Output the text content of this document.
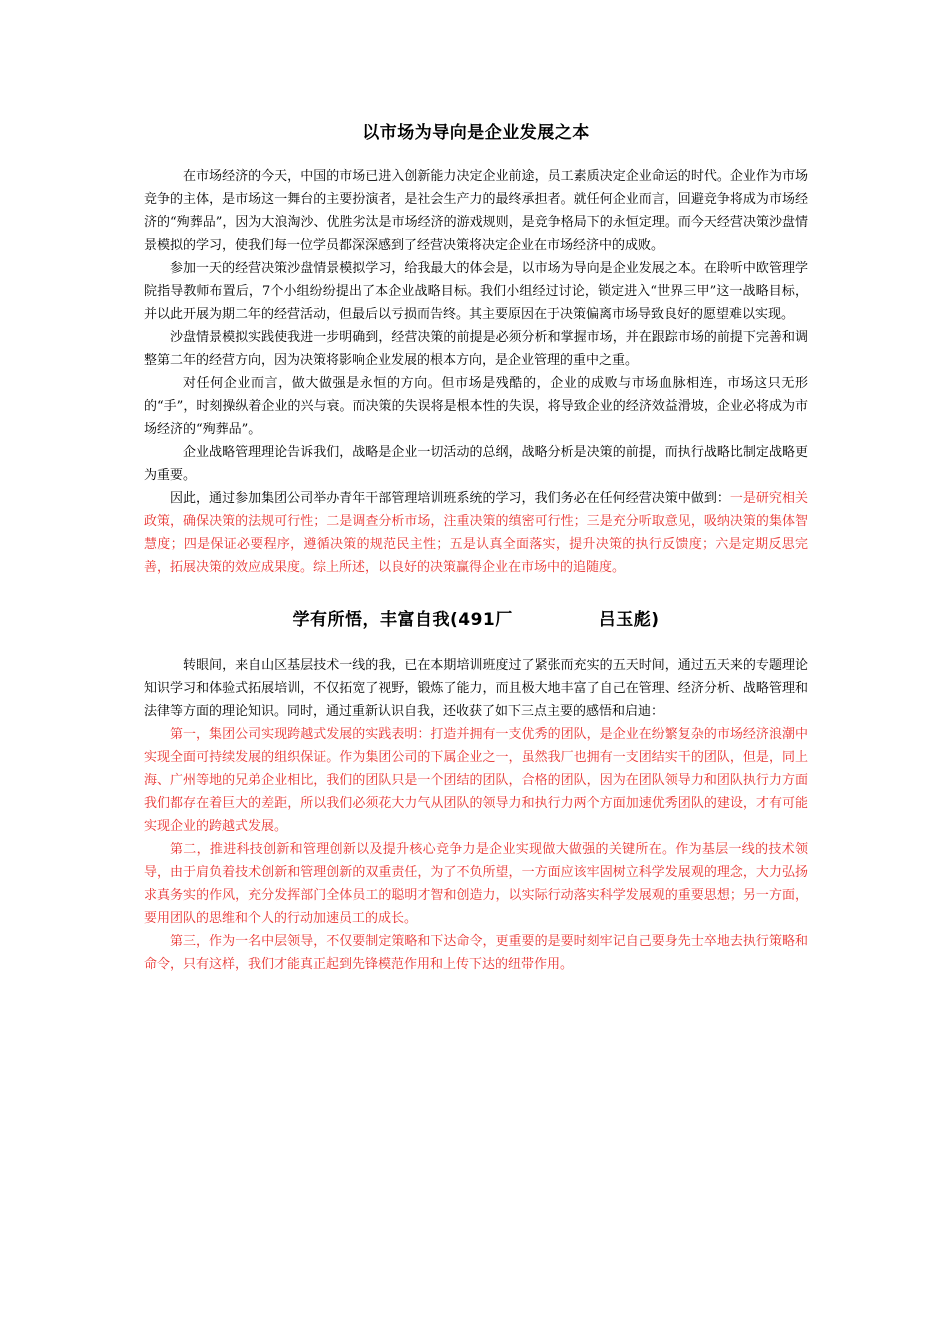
以市场为导向是企业发展之本

在市场经济的今天，中国的市场已进入创新能力决定企业前途，员工素质决定企业命运的时代。企业作为市场竞争的主体，是市场这一舞台的主要扮演者，是社会生产力的最终承担者。就任何企业而言，回避竞争将成为市场经济的“殉葬品”，因为大浪淘沙、优胜劣汰是市场经济的游戏规则，是竞争格局下的永恒定理。而今天经营决策沙盘情景模拟的学习，使我们每一位学员都深深感到了经营决策将决定企业在市场经济中的成败。

参加一天的经营决策沙盘情景模拟学习，给我最大的体会是，以市场为导向是企业发展之本。在聆听中欧管理学院指导教师布置后，7个小组纷纷提出了本企业战略目标。我们小组经过讨论，锁定进入“世界三甲”这一战略目标，并以此开展为期二年的经营活动，但最后以亏损而告终。其主要原因在于决策偏离市场导致良好的愿望难以实现。

沙盘情景模拟实践使我进一步明确到，经营决策的前提是必须分析和掌握市场，并在跟踪市场的前提下完善和调整第二年的经营方向，因为决策将影响企业发展的根本方向，是企业管理的重中之重。

对任何企业而言，做大做强是永恒的方向。但市场是残酷的，企业的成败与市场血脉相连，市场这只无形的“手”，时刻操纵着企业的兴与衰。而决策的失误将是根本性的失误，将导致企业的经济效益滑坡，企业必将成为市场经济的“殉葬品”。

企业战略管理理论告诉我们，战略是企业一切活动的总纲，战略分析是决策的前提，而执行战略比制定战略更为重要。

因此，通过参加集团公司举办青年干部管理培训班系统的学习，我们务必在任何经营决策中做到：一是研究相关政策，确保决策的法规可行性；二是调查分析市场，注重决策的缜密可行性；三是充分听取意见，吸纳决策的集体智慧度；四是保证必要程序，遵循决策的规范民主性；五是认真全面落实，提升决策的执行反馈度；六是定期反思完善，拓展决策的效应成果度。综上所述，以良好的决策赢得企业在市场中的追随度。

学有所悟，丰富自我(491厂	吕玉彪)

转眼间，来自山区基层技术一线的我，已在本期培训班度过了紧张而充实的五天时间，通过五天来的专题理论知识学习和体验式拓展培训，不仅拓宽了视野，锻炼了能力，而且极大地丰富了自己在管理、经济分析、战略管理和法律等方面的理论知识。同时，通过重新认识自我，还收获了如下三点主要的感悟和启迪：

第一，集团公司实现跨越式发展的实践表明：打造并拥有一支优秀的团队，是企业在纷繁复杂的市场经济浪潮中实现全面可持续发展的组织保证。作为集团公司的下属企业之一，虽然我厂也拥有一支团结实干的团队，但是，同上海、广州等地的兄弟企业相比，我们的团队只是一个团结的团队，合格的团队，因为在团队领导力和团队执行力方面我们都存在着巨大的差距，所以我们必须花大力气从团队的领导力和执行力两个方面加速优秀团队的建设，才有可能实现企业的跨越式发展。

第二，推进科技创新和管理创新以及提升核心竞争力是企业实现做大做强的关键所在。作为基层一线的技术领导，由于肩负着技术创新和管理创新的双重责任，为了不负所望，一方面应该牢固树立科学发展观的理念，大力弘扬求真务实的作风，充分发挥部门全体员工的聪明才智和创造力，以实际行动落实科学发展观的重要思想；另一方面，要用团队的思维和个人的行动加速员工的成长。

第三，作为一名中层领导，不仅要制定策略和下达命令，更重要的是要时刻牢记自己要身先士卒地去执行策略和命令，只有这样，我们才能真正起到先锋模范作用和上传下达的纽带作用。
